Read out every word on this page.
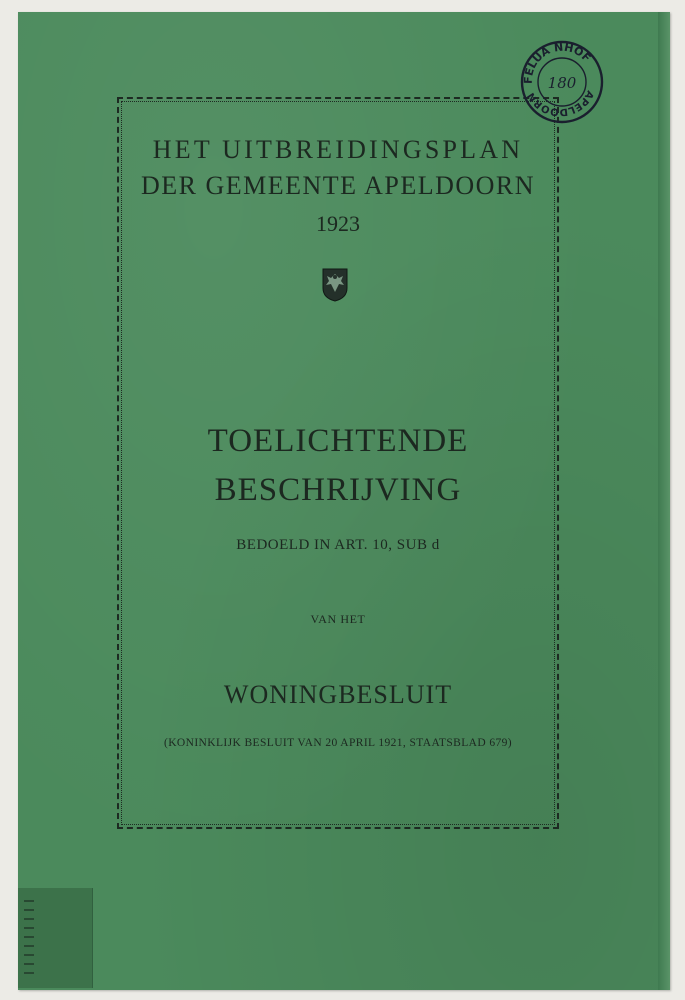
HET UITBREIDINGSPLAN
DER GEMEENTE APELDOORN
1923
TOELICHTENDE
BESCHRIJVING
BEDOELD IN ART. 10, SUB d
VAN HET
WONINGBESLUIT
(KONINKLIJK BESLUIT VAN 20 APRIL 1921, STAATSBLAD 679)
FELUA NHOF
APELDOORN
180
